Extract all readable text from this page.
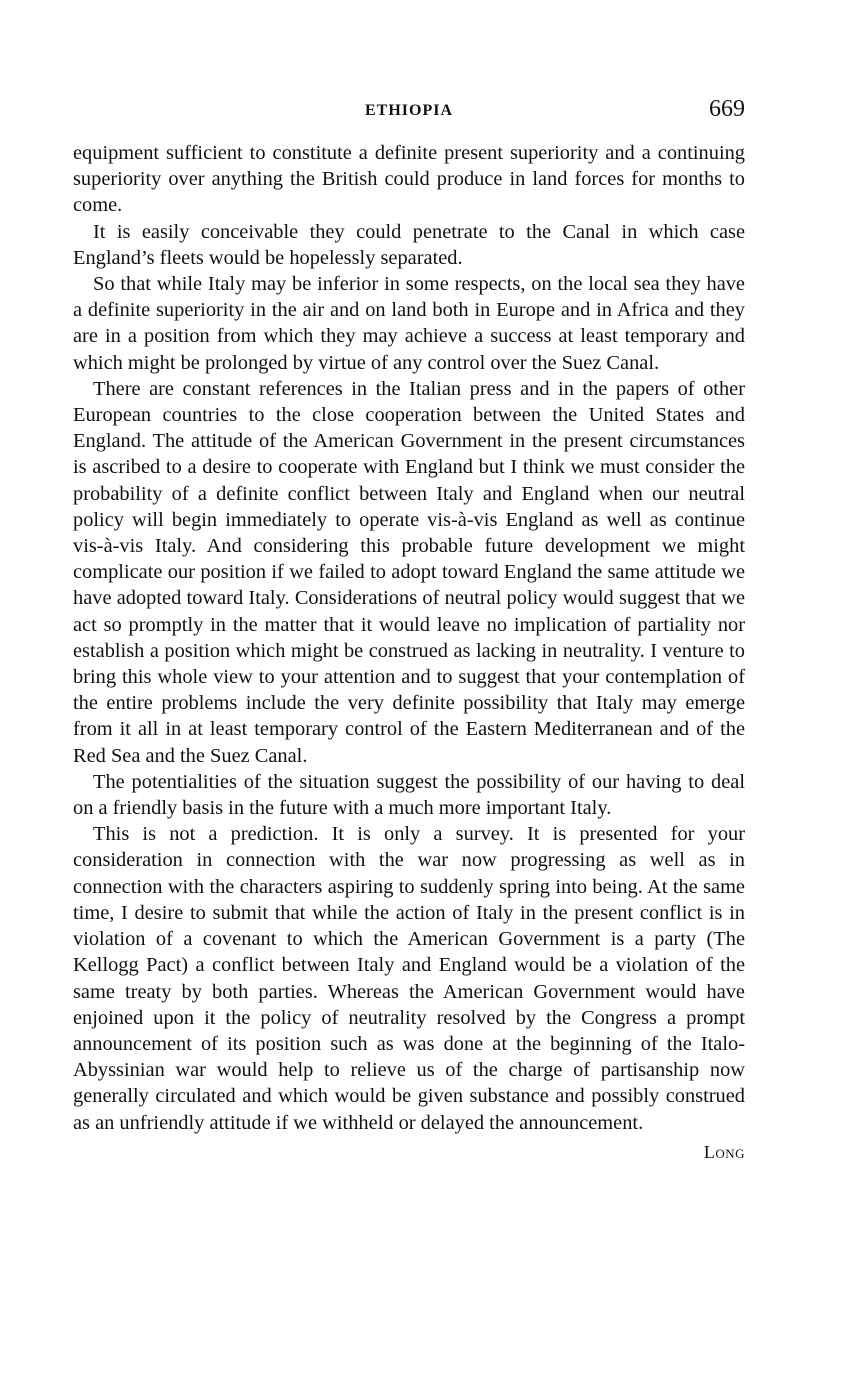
ETHIOPIA	669

equipment sufficient to constitute a definite present superiority and a continuing superiority over anything the British could produce in land forces for months to come.

It is easily conceivable they could penetrate to the Canal in which case England’s fleets would be hopelessly separated.

So that while Italy may be inferior in some respects, on the local sea they have a definite superiority in the air and on land both in Europe and in Africa and they are in a position from which they may achieve a success at least temporary and which might be prolonged by virtue of any control over the Suez Canal.

There are constant references in the Italian press and in the papers of other European countries to the close cooperation between the United States and England. The attitude of the American Government in the present circumstances is ascribed to a desire to cooperate with England but I think we must consider the probability of a definite conflict between Italy and England when our neutral policy will begin immediately to operate vis-à-vis England as well as continue vis-à-vis Italy. And considering this probable future development we might complicate our position if we failed to adopt toward England the same attitude we have adopted toward Italy. Considerations of neutral policy would suggest that we act so promptly in the matter that it would leave no implication of partiality nor establish a position which might be construed as lacking in neutrality. I venture to bring this whole view to your attention and to suggest that your contemplation of the entire problems include the very definite possibility that Italy may emerge from it all in at least temporary control of the Eastern Mediterranean and of the Red Sea and the Suez Canal.

The potentialities of the situation suggest the possibility of our having to deal on a friendly basis in the future with a much more important Italy.

This is not a prediction. It is only a survey. It is presented for your consideration in connection with the war now progressing as well as in connection with the characters aspiring to suddenly spring into being. At the same time, I desire to submit that while the action of Italy in the present conflict is in violation of a covenant to which the American Government is a party (The Kellogg Pact) a conflict between Italy and England would be a violation of the same treaty by both parties. Whereas the American Government would have enjoined upon it the policy of neutrality resolved by the Congress a prompt announcement of its position such as was done at the beginning of the Italo-Abyssinian war would help to relieve us of the charge of partisanship now generally circulated and which would be given substance and possibly construed as an unfriendly attitude if we withheld or delayed the announcement.

Long
